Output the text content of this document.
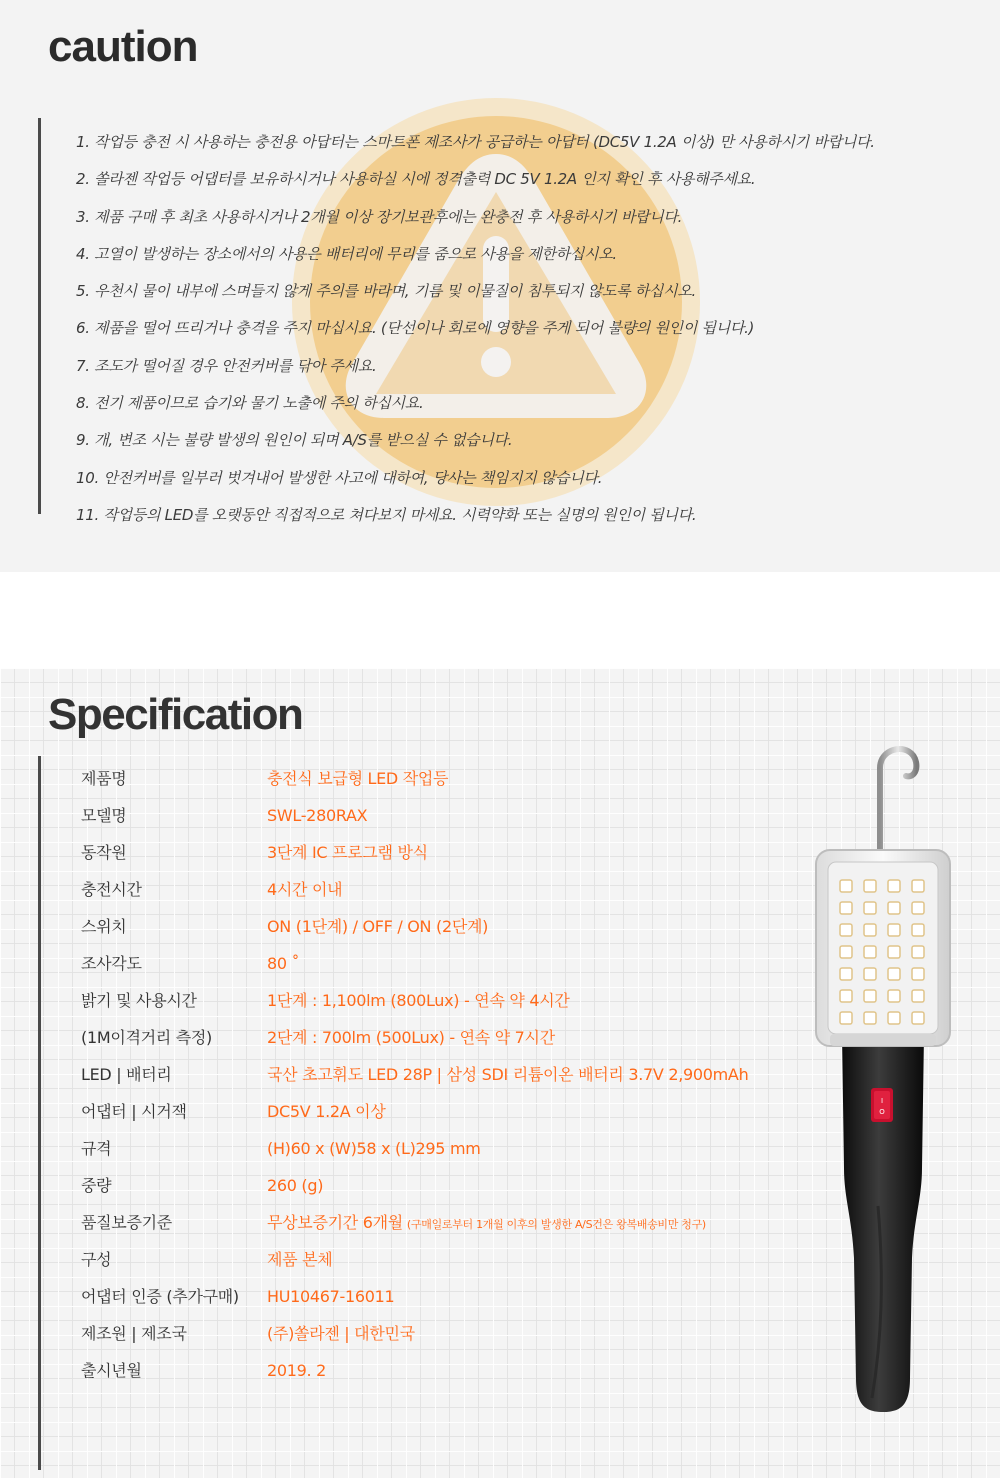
caution
1. 작업등 충전 시 사용하는 충전용 아답터는 스마트폰 제조사가 공급하는 아답터 (DC5V 1.2A 이상) 만 사용하시기 바랍니다.
2. 쏠라젠 작업등 어댑터를 보유하시거나 사용하실 시에 정격출력 DC 5V 1.2A 인지 확인 후 사용해주세요.
3. 제품 구매 후 최초 사용하시거나 2개월 이상 장기보관후에는 완충전 후 사용하시기 바랍니다.
4. 고열이 발생하는 장소에서의 사용은 배터리에 무리를 줌으로 사용을 제한하십시오.
5. 우천시 물이 내부에 스며들지 않게 주의를 바라며, 기름 및 이물질이 침투되지 않도록 하십시오.
6. 제품을 떨어 뜨리거나 충격을 주지 마십시요. (단선이나 회로에 영향을 주게 되어 불량의 원인이 됩니다.)
7. 조도가 떨어질 경우 안전커버를 닦아 주세요.
8. 전기 제품이므로 습기와 물기 노출에 주의 하십시요.
9. 개, 변조 시는 불량 발생의 원인이 되며 A/S를 받으실 수 없습니다.
10. 안전커버를 일부러 벗겨내어 발생한 사고에 대하여, 당사는 책임지지 않습니다.
11. 작업등의 LED를 오랫동안 직접적으로 쳐다보지 마세요. 시력약화 또는 실명의 원인이 됩니다.
Specification
제품명	충전식 보급형 LED 작업등
모델명	SWL-280RAX
동작원	3단계 IC 프로그램 방식
충전시간	4시간 이내
스위치	ON (1단계) / OFF / ON (2단계)
조사각도	80 ˚
밝기 및 사용시간	1단계 : 1,100lm (800Lux) - 연속 약 4시간
(1M이격거리 측정)	2단계 : 700lm (500Lux) - 연속 약 7시간
LED | 배터리	국산 초고휘도 LED 28P | 삼성 SDI 리튬이온 배터리 3.7V 2,900mAh
어댑터 | 시거잭	DC5V 1.2A 이상
규격	(H)60 x (W)58 x (L)295 mm
중량	260 (g)
품질보증기준	무상보증기간 6개월 (구매일로부터 1개월 이후의 발생한 A/S건은 왕복배송비만 청구)
구성	제품 본체
어댑터 인증 (추가구매) HU10467-16011
제조원 | 제조국	(주)쏠라젠 | 대한민국
출시년월	2019. 2
I
O
